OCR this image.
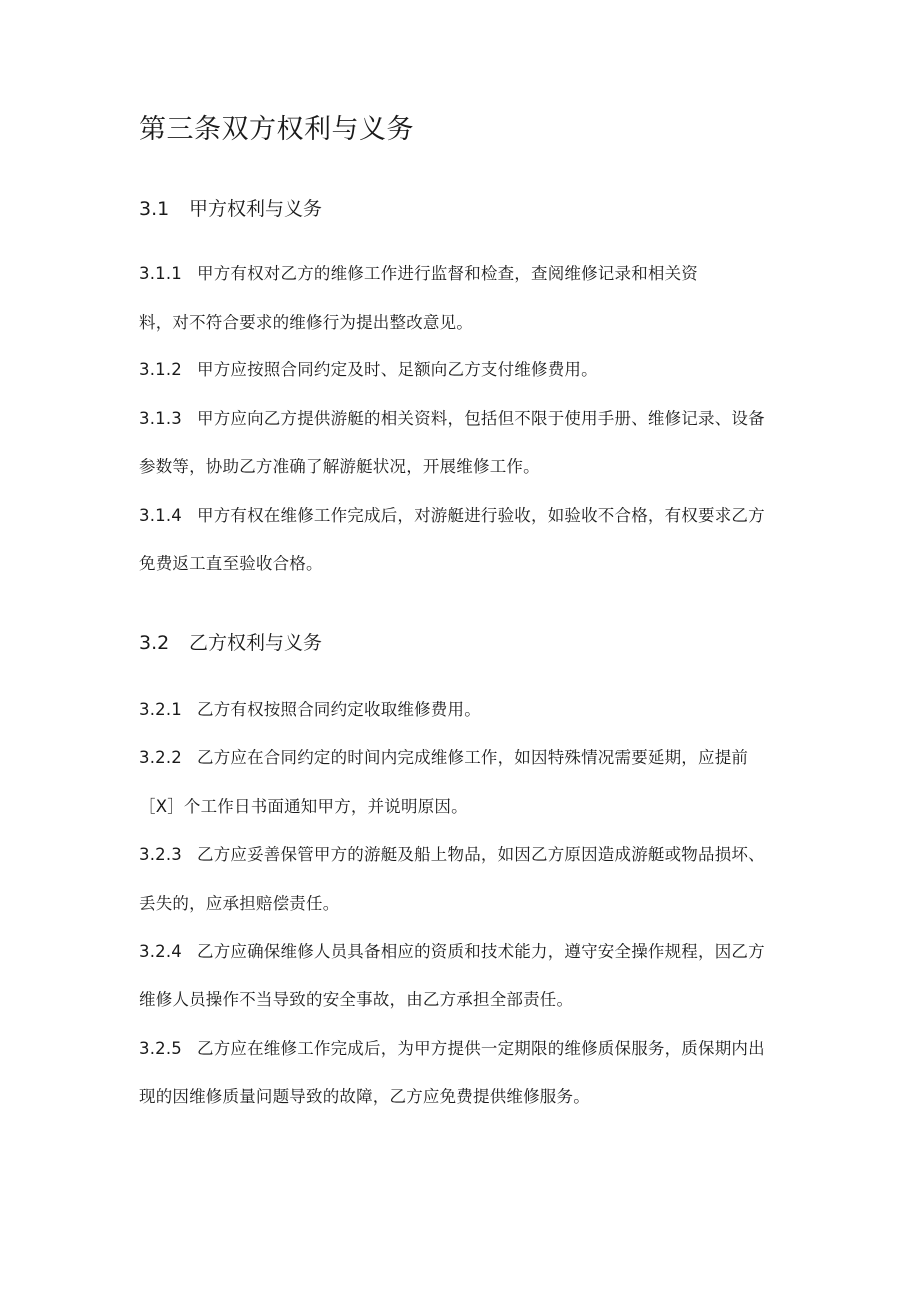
第三条双方权利与义务
3.1 甲方权利与义务
3.1.1 甲方有权对乙方的维修工作进行监督和检查，查阅维修记录和相关资
料，对不符合要求的维修行为提出整改意见。
3.1.2 甲方应按照合同约定及时、足额向乙方支付维修费用。
3.1.3 甲方应向乙方提供游艇的相关资料，包括但不限于使用手册、维修记录、设备
参数等，协助乙方准确了解游艇状况，开展维修工作。
3.1.4 甲方有权在维修工作完成后，对游艇进行验收，如验收不合格，有权要求乙方
免费返工直至验收合格。
3.2 乙方权利与义务
3.2.1 乙方有权按照合同约定收取维修费用。
3.2.2 乙方应在合同约定的时间内完成维修工作，如因特殊情况需要延期，应提前
［X］个工作日书面通知甲方，并说明原因。
3.2.3 乙方应妥善保管甲方的游艇及船上物品，如因乙方原因造成游艇或物品损坏、
丢失的，应承担赔偿责任。
3.2.4 乙方应确保维修人员具备相应的资质和技术能力，遵守安全操作规程，因乙方
维修人员操作不当导致的安全事故，由乙方承担全部责任。
3.2.5 乙方应在维修工作完成后，为甲方提供一定期限的维修质保服务，质保期内出
现的因维修质量问题导致的故障，乙方应免费提供维修服务。
